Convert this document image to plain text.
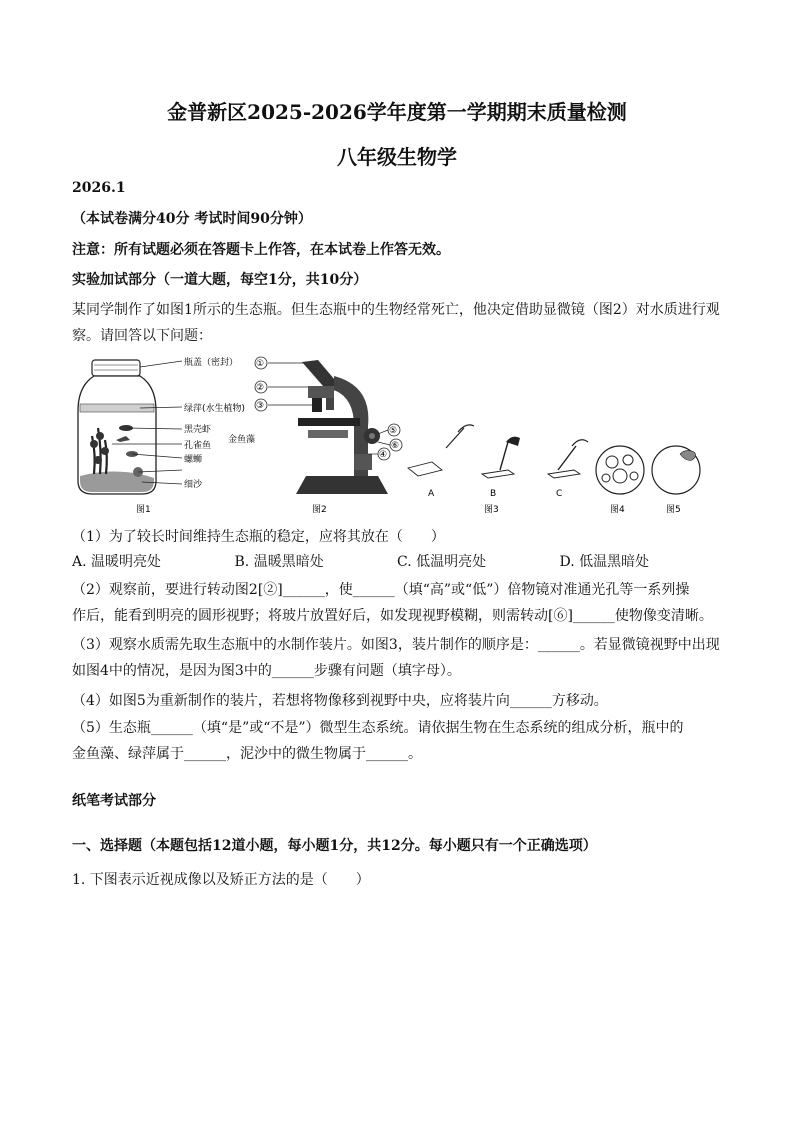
金普新区2025-2026学年度第一学期期末质量检测
八年级生物学
2026.1
（本试卷满分40分 考试时间90分钟）
注意：所有试题必须在答题卡上作答，在本试卷上作答无效。
实验加试部分（一道大题，每空1分，共10分）
某同学制作了如图1所示的生态瓶。但生态瓶中的生物经常死亡，他决定借助显微镜（图2）对水质进行观
察。请回答以下问题：
瓶盖（密封）
绿萍(水生植物)
黑壳虾
金鱼藻
孔雀鱼
螺蛳
细沙
图1
①
②
③
④
⑤
⑥
图2
A	B	C
图3	图4	图5
（1）为了较长时间维持生态瓶的稳定，应将其放在（　　）
A. 温暖明亮处	B. 温暖黑暗处	C. 低温明亮处	D. 低温黑暗处
（2）观察前，要进行转动图2[②]______，使______（填“高”或“低”）倍物镜对准通光孔等一系列操
作后，能看到明亮的圆形视野；将玻片放置好后，如发现视野模糊，则需转动[⑥]______使物像变清晰。
（3）观察水质需先取生态瓶中的水制作装片。如图3，装片制作的顺序是：______。若显微镜视野中出现
如图4中的情况，是因为图3中的______步骤有问题（填字母）。
（4）如图5为重新制作的装片，若想将物像移到视野中央，应将装片向______方移动。
（5）生态瓶______（填“是”或“不是”）微型生态系统。请依据生物在生态系统的组成分析，瓶中的
金鱼藻、绿萍属于______，泥沙中的微生物属于______。
纸笔考试部分
一、选择题（本题包括12道小题，每小题1分，共12分。每小题只有一个正确选项）
1. 下图表示近视成像以及矫正方法的是（　　）
